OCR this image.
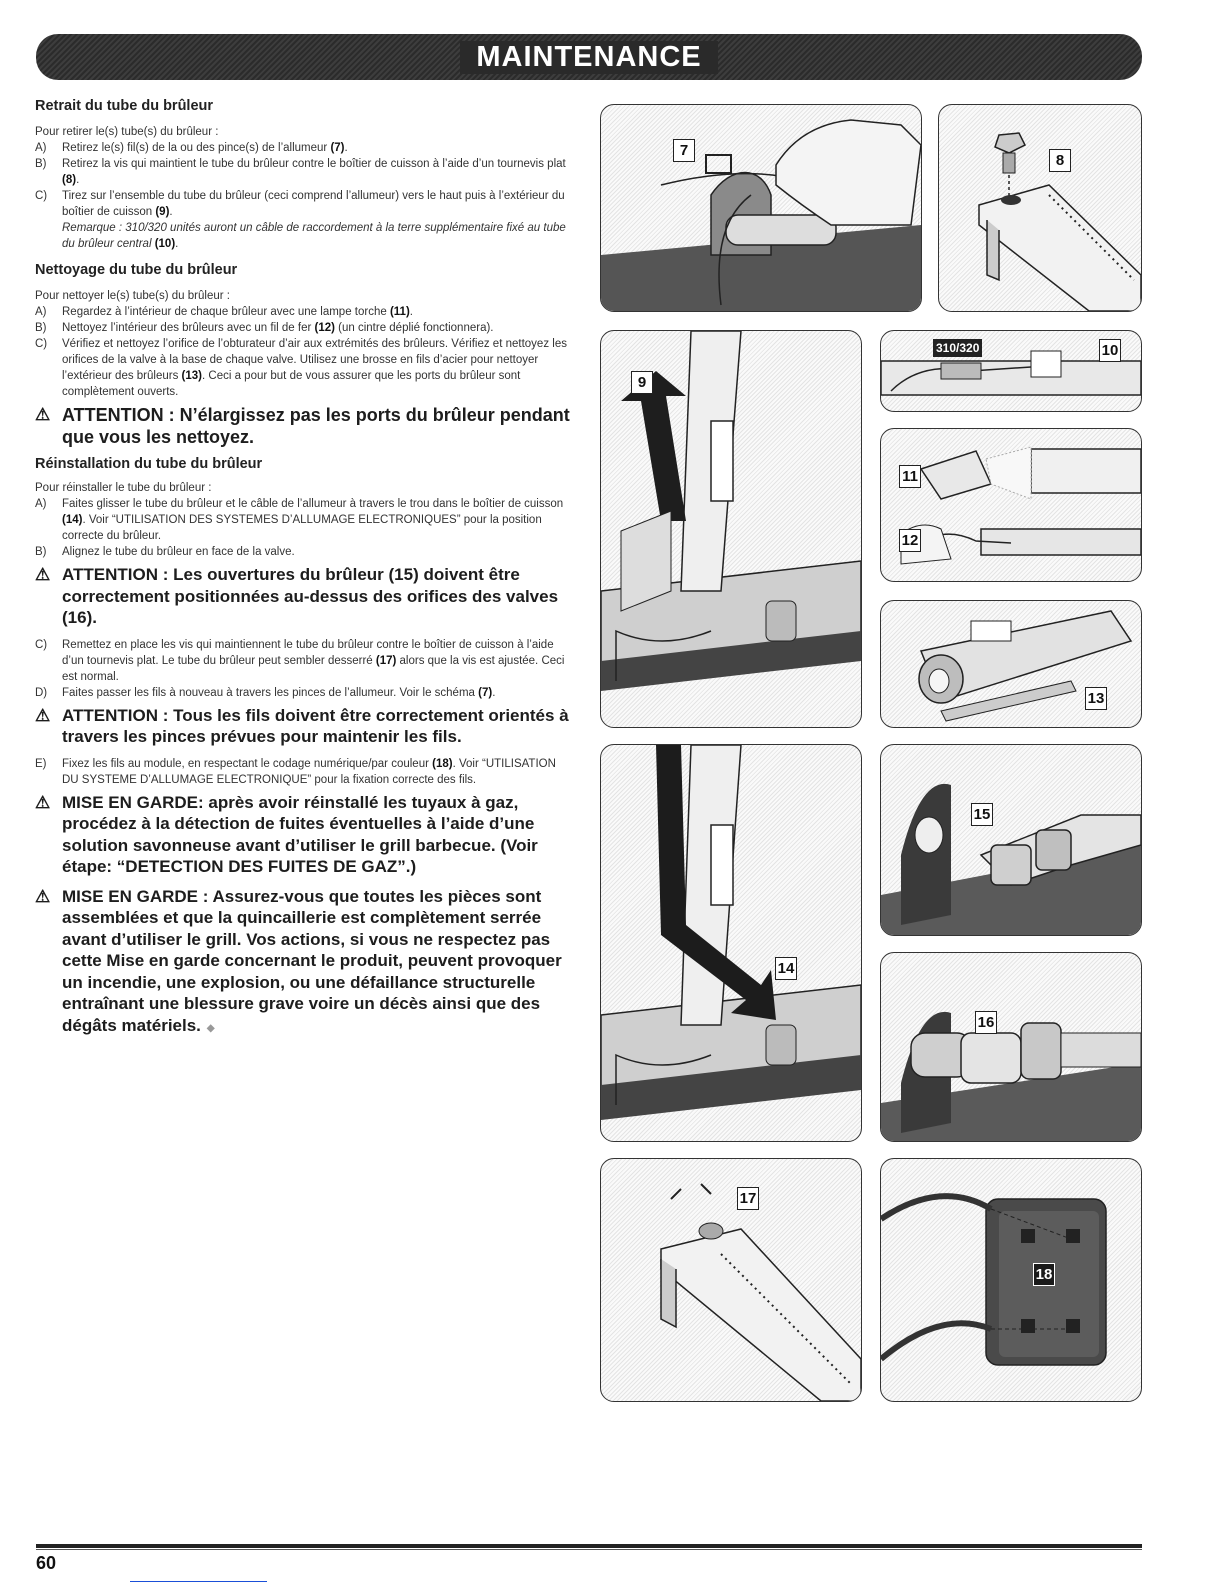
MAINTENANCE
Retrait du tube du brûleur

Pour retirer le(s) tube(s) du brûleur :

A)	Retirez le(s) fil(s) de la ou des pince(s) de l’allumeur (7).
B)	Retirez la vis qui maintient le tube du brûleur contre le boîtier de cuisson à l’aide d’un tournevis plat (8).
C)	Tirez sur l’ensemble du tube du brûleur (ceci comprend l’allumeur) vers le haut puis à l’extérieur du boîtier de cuisson (9).
Remarque : 310/320 unités auront un câble de raccordement à la terre supplémentaire fixé au tube du brûleur central (10).
Nettoyage du tube du brûleur

Pour nettoyer le(s) tube(s) du brûleur :

A)	Regardez à l’intérieur de chaque brûleur avec une lampe torche (11).
B)	Nettoyez l’intérieur des brûleurs avec un fil de fer (12) (un cintre déplié fonctionnera).
C)	Vérifiez et nettoyez l’orifice de l’obturateur d’air aux extrémités des brûleurs. Vérifiez et nettoyez les orifices de la valve à la base de chaque valve. Utilisez une brosse en fils d’acier pour nettoyer l’extérieur des brûleurs (13). Ceci a pour but de vous assurer que les ports du brûleur sont complètement ouverts.
⚠ ATTENTION : N’élargissez pas les ports du brûleur pendant que vous les nettoyez.
Réinstallation du tube du brûleur

Pour réinstaller le tube du brûleur :

A)	Faites glisser le tube du brûleur et le câble de l’allumeur à travers le trou dans le boîtier de cuisson (14). Voir “UTILISATION DES SYSTEMES D’ALLUMAGE ELECTRONIQUES” pour la position correcte du brûleur.
B)	Alignez le tube du brûleur en face de la valve.
⚠ ATTENTION : Les ouvertures du brûleur (15) doivent être correctement positionnées au-dessus des orifices des valves (16).
C)	Remettez en place les vis qui maintiennent le tube du brûleur contre le boîtier de cuisson à l’aide d’un tournevis plat. Le tube du brûleur peut sembler desserré (17) alors que la vis est ajustée. Ceci est normal.
D)	Faites passer les fils à nouveau à travers les pinces de l’allumeur. Voir le schéma (7).
⚠ ATTENTION : Tous les fils doivent être correctement orientés à travers les pinces prévues pour maintenir les fils.
E)	Fixez les fils au module, en respectant le codage numérique/par couleur (18). Voir “UTILISATION DU SYSTEME D’ALLUMAGE ELECTRONIQUE” pour la fixation correcte des fils.
⚠ MISE EN GARDE: après avoir réinstallé les tuyaux à gaz, procédez à la détection de fuites éventuelles à l’aide d’une solution savonneuse avant d’utiliser le grill barbecue. (Voir étape: “DETECTION DES FUITES DE GAZ”.)
⚠ MISE EN GARDE : Assurez-vous que toutes les pièces sont assemblées et que la quincaillerie est complètement serrée avant d’utiliser le grill. Vos actions, si vous ne respectez pas cette Mise en garde concernant le produit, peuvent provoquer un incendie, une explosion, ou une défaillance structurelle entraînant une blessure grave voire un décès ainsi que des dégâts matériels. ◆
7
8
9
310/320	10
11
12
13
14
15
16
17
18
60
